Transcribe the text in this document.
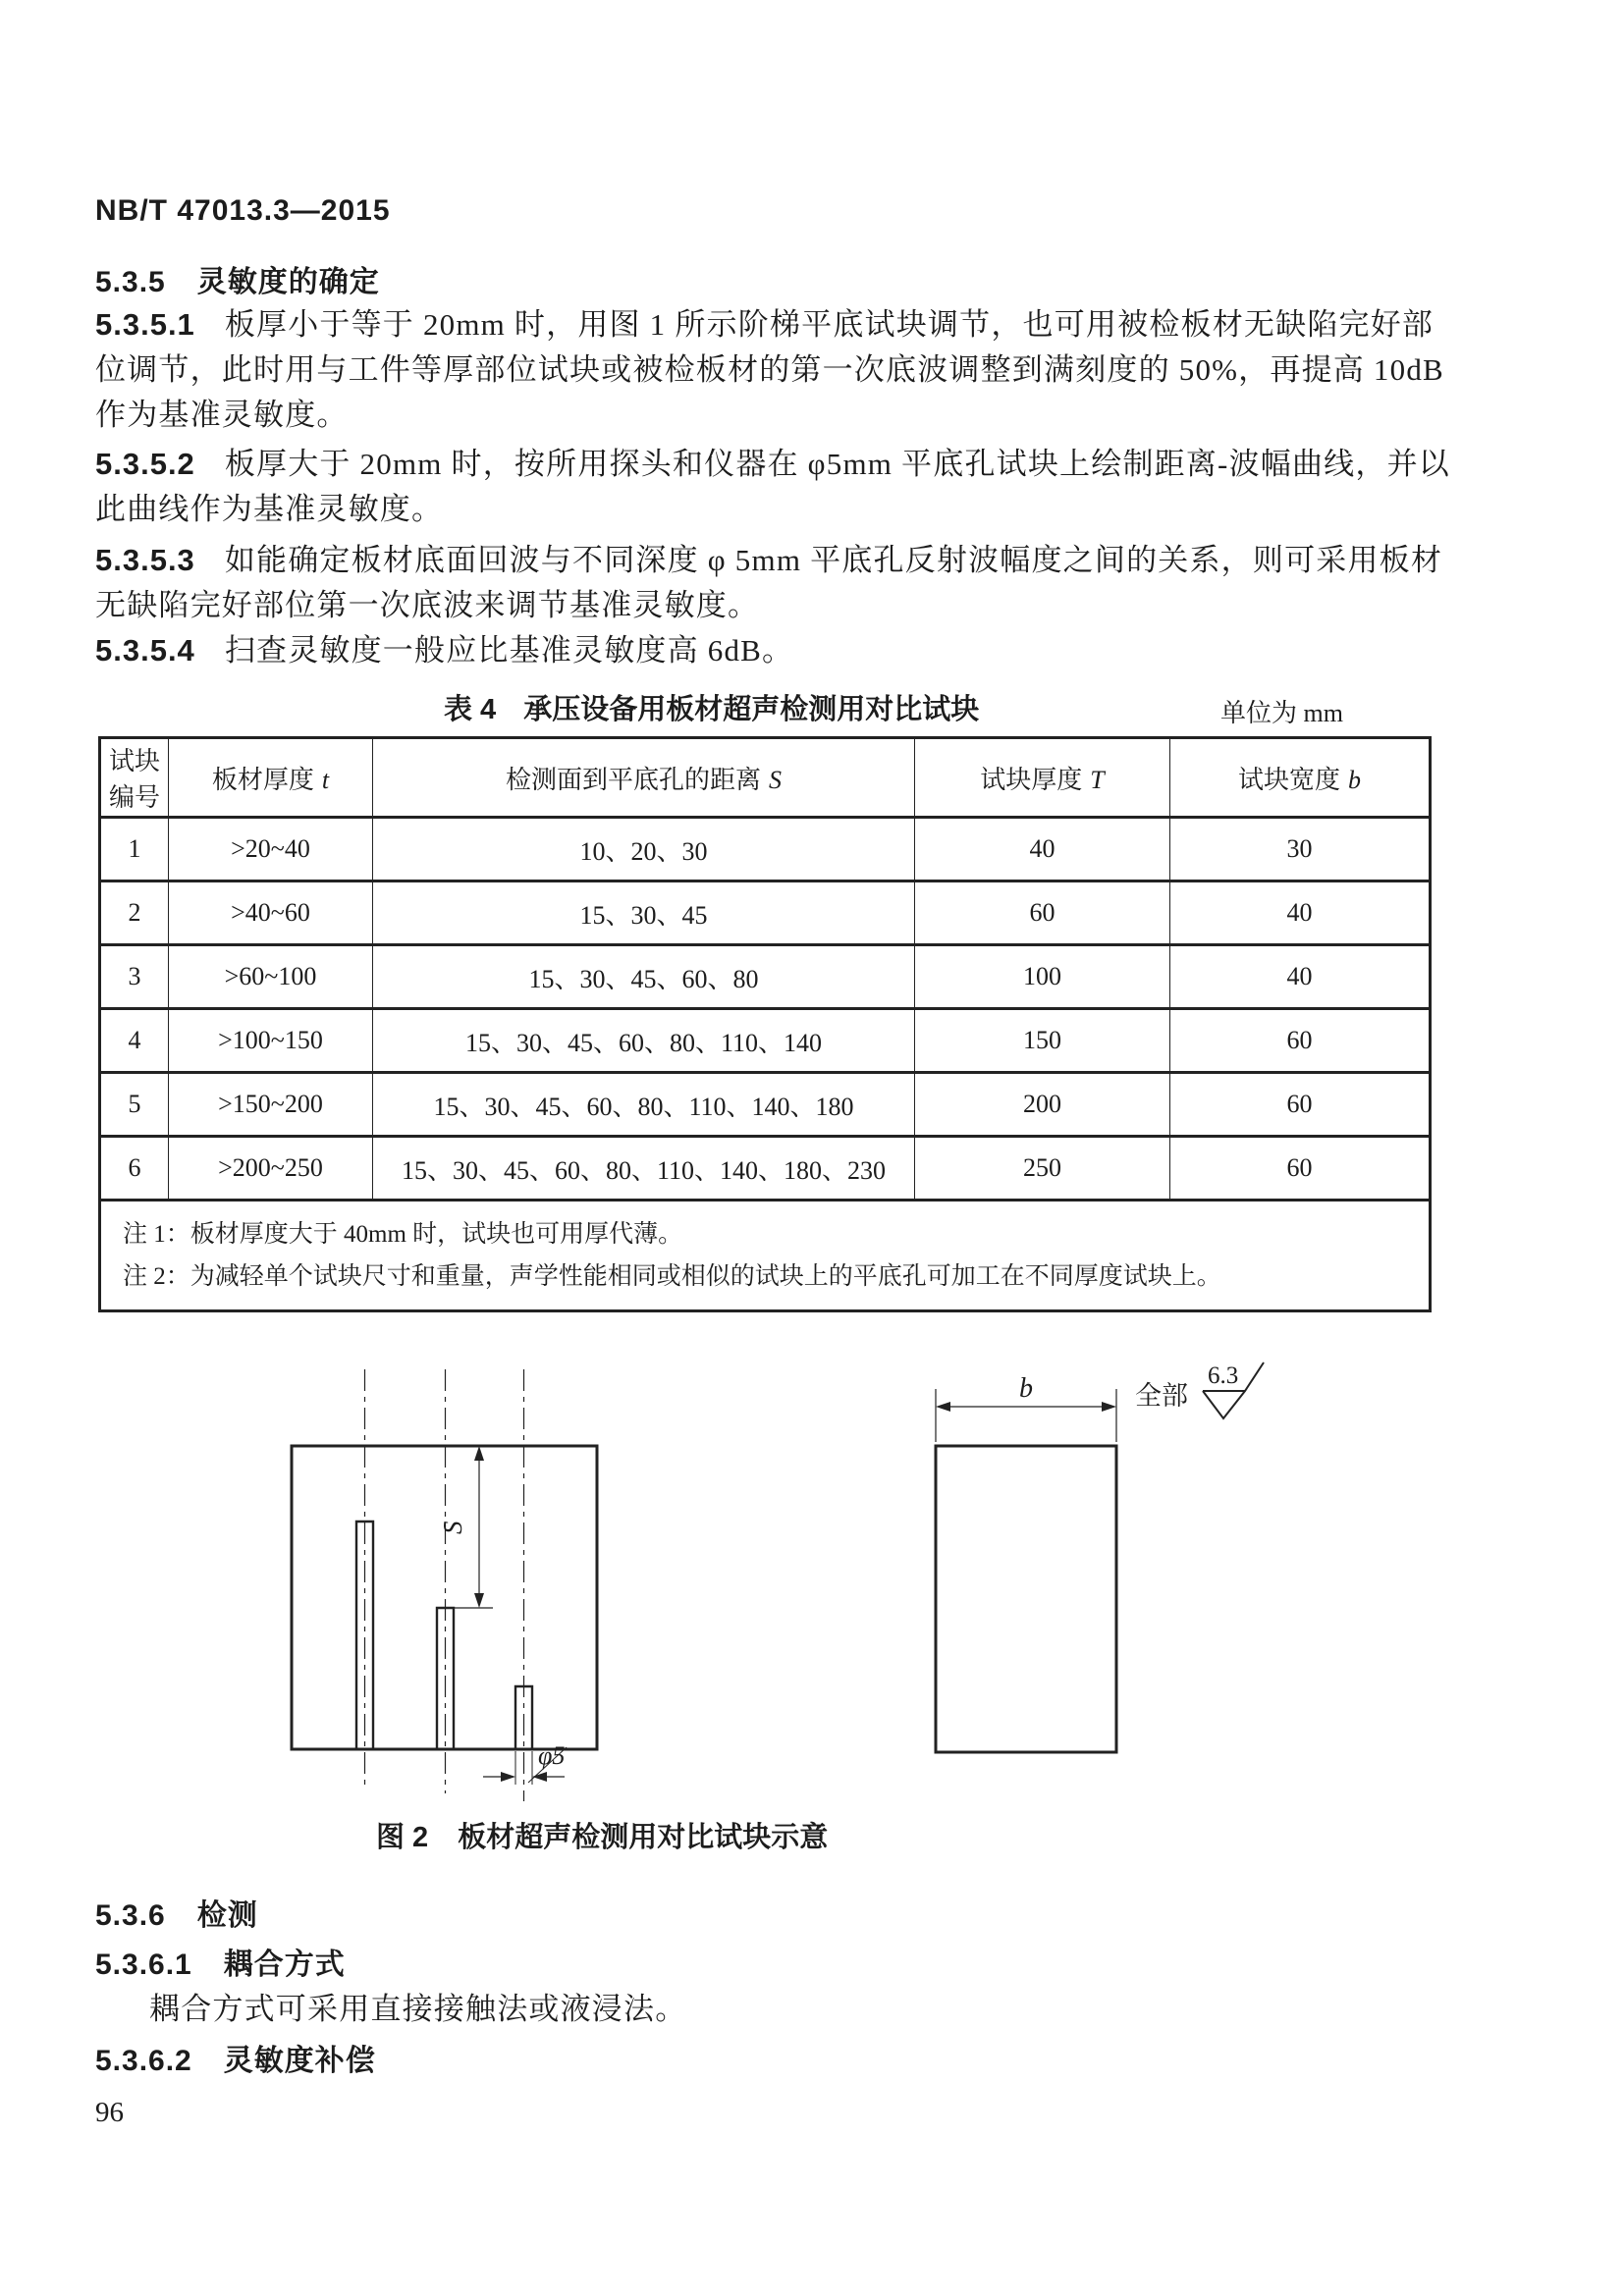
NB/T 47013.3—2015
5.3.5 灵敏度的确定
5.3.5.1 板厚小于等于 20mm 时，用图 1 所示阶梯平底试块调节，也可用被检板材无缺陷完好部
位调节，此时用与工件等厚部位试块或被检板材的第一次底波调整到满刻度的 50%，再提高 10dB
作为基准灵敏度。
5.3.5.2 板厚大于 20mm 时，按所用探头和仪器在 φ5mm 平底孔试块上绘制距离-波幅曲线，并以
此曲线作为基准灵敏度。
5.3.5.3 如能确定板材底面回波与不同深度 φ 5mm 平底孔反射波幅度之间的关系，则可采用板材
无缺陷完好部位第一次底波来调节基准灵敏度。
5.3.5.4 扫查灵敏度一般应比基准灵敏度高 6dB。
表 4 承压设备用板材超声检测用对比试块	单位为 mm
试块
编号	板材厚度 t	检测面到平底孔的距离 S	试块厚度 T	试块宽度 b
1	>20~40	10、20、30	40	30
2	>40~60	15、30、45	60	40
3	>60~100	15、30、45、60、80	100	40
4	>100~150	15、30、45、60、80、110、140	150	60
5	>150~200	15、30、45、60、80、110、140、180	200	60
6	>200~250	15、30、45、60、80、110、140、180、230	250	60

注 1：板材厚度大于 40mm 时，试块也可用厚代薄。
注 2：为减轻单个试块尺寸和重量，声学性能相同或相似的试块上的平底孔可加工在不同厚度试块上。				
S
φ5
b	全部
6.3
图 2 板材超声检测用对比试块示意
5.3.6 检测
5.3.6.1 耦合方式
耦合方式可采用直接接触法或液浸法。
5.3.6.2 灵敏度补偿
96
